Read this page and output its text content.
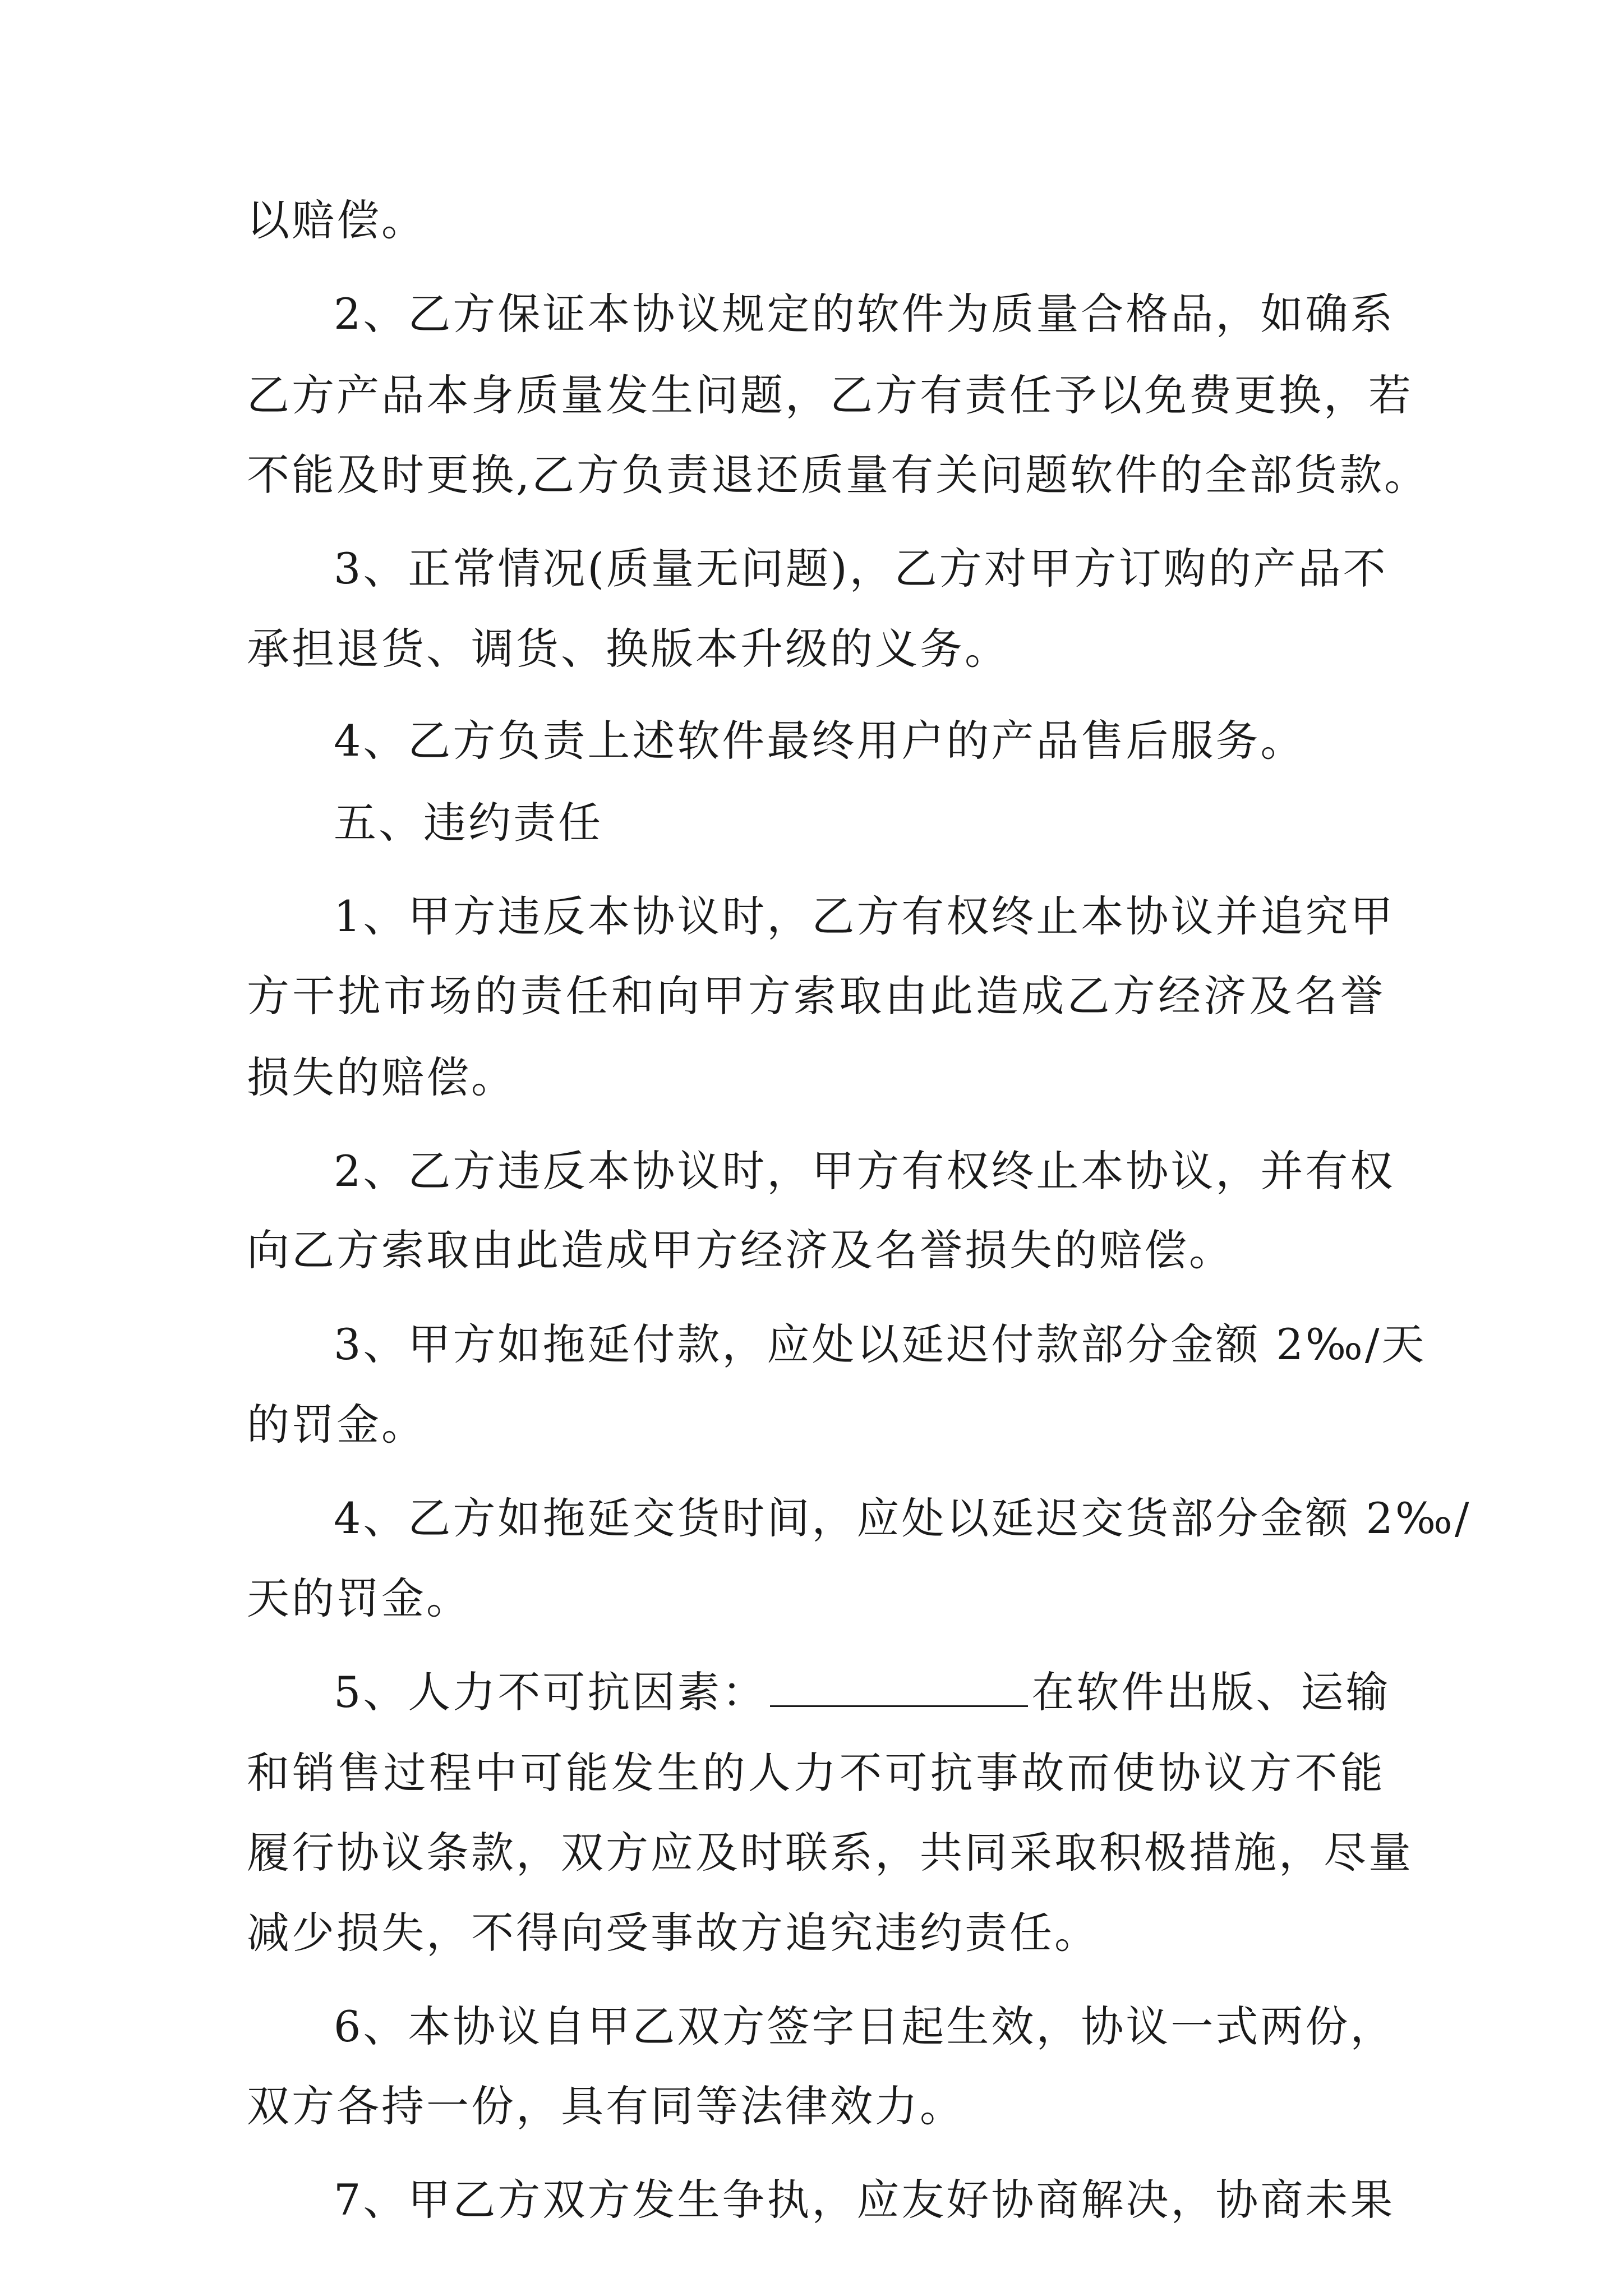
以赔偿。
2、乙方保证本协议规定的软件为质量合格品，如确系
乙方产品本身质量发生问题，乙方有责任予以免费更换，若
不能及时更换,乙方负责退还质量有关问题软件的全部货款。
3、正常情况(质量无问题)，乙方对甲方订购的产品不
承担退货、调货、换版本升级的义务。
4、乙方负责上述软件最终用户的产品售后服务。
五、违约责任
1、甲方违反本协议时，乙方有权终止本协议并追究甲
方干扰市场的责任和向甲方索取由此造成乙方经济及名誉
损失的赔偿。
2、乙方违反本协议时，甲方有权终止本协议，并有权
向乙方索取由此造成甲方经济及名誉损失的赔偿。
3、甲方如拖延付款，应处以延迟付款部分金额 2‰/天
的罚金。
4、乙方如拖延交货时间，应处以延迟交货部分金额 2‰/
天的罚金。
5、人力不可抗因素：	在软件出版、运输
和销售过程中可能发生的人力不可抗事故而使协议方不能
履行协议条款，双方应及时联系，共同采取积极措施，尽量
减少损失，不得向受事故方追究违约责任。
6、本协议自甲乙双方签字日起生效，协议一式两份，
双方各持一份，具有同等法律效力。
7、甲乙方双方发生争执，应友好协商解决，协商未果
